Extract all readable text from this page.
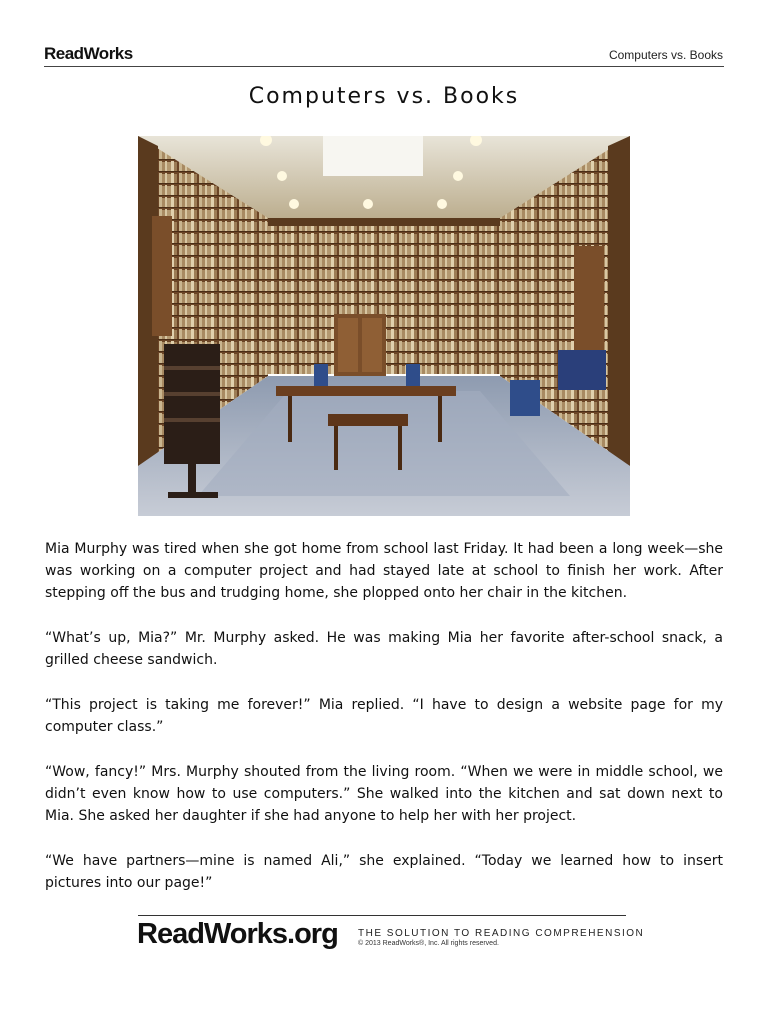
ReadWorks	Computers vs. Books
Computers vs. Books

Mia Murphy was tired when she got home from school last Friday. It had been a long week—she was working on a computer project and had stayed late at school to finish her work. After stepping off the bus and trudging home, she plopped onto her chair in the kitchen.

“What’s up, Mia?” Mr. Murphy asked. He was making Mia her favorite after-school snack, a grilled cheese sandwich.

“This project is taking me forever!” Mia replied. “I have to design a website page for my computer class.”

“Wow, fancy!” Mrs. Murphy shouted from the living room. “When we were in middle school, we didn’t even know how to use computers.” She walked into the kitchen and sat down next to Mia. She asked her daughter if she had anyone to help her with her project.

“We have partners—mine is named Ali,” she explained. “Today we learned how to insert pictures into our page!”

ReadWorks.org THE SOLUTION TO READING COMPREHENSION
© 2013 ReadWorks®, Inc. All rights reserved.
